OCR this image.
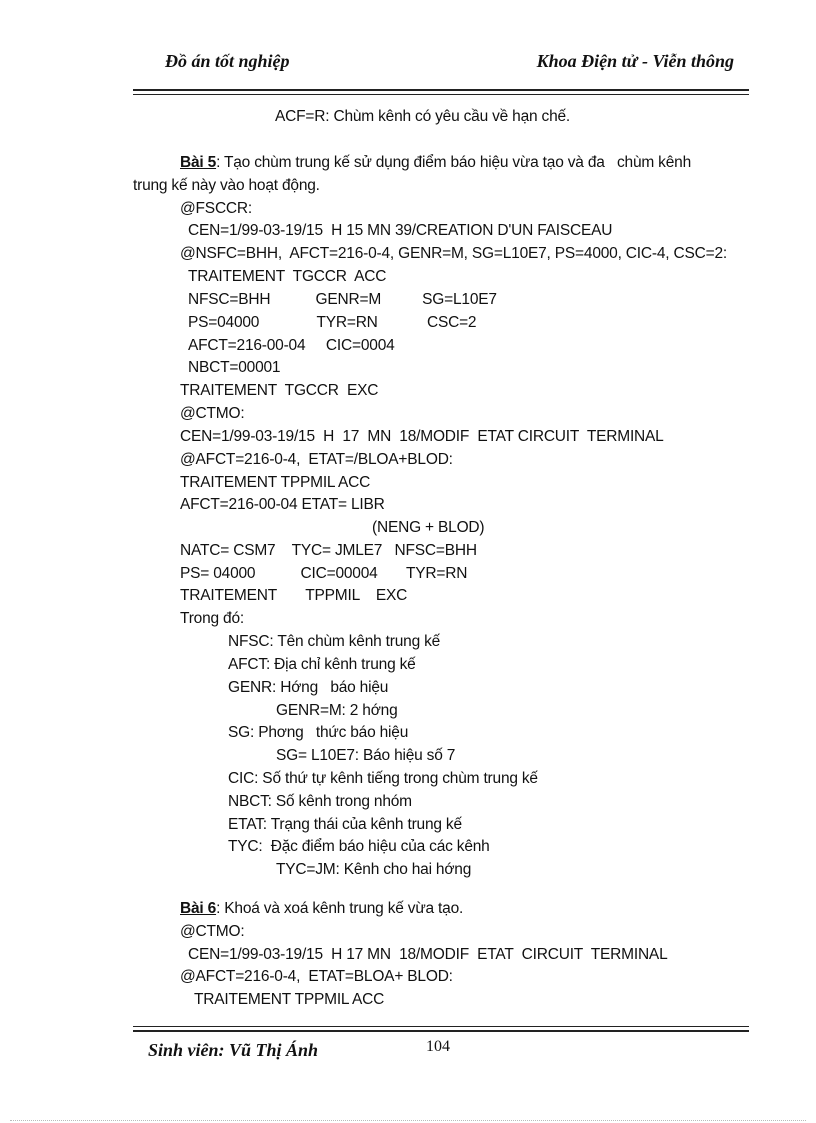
Đồ án tốt nghiệp	Khoa Điện tử - Viễn thông
ACF=R: Chùm kênh có yêu cầu về hạn chế.
Bài 5: Tạo chùm trung kế sử dụng điểm báo hiệu vừa tạo và đa   chùm kênh
trung kế này vào hoạt động.
@FSCCR:
CEN=1/99-03-19/15  H 15 MN 39/CREATION D'UN FAISCEAU
@NSFC=BHH,  AFCT=216-0-4, GENR=M, SG=L10E7, PS=4000, CIC-4, CSC=2:
TRAITEMENT  TGCCR  ACC
NFSC=BHH           GENR=M          SG=L10E7
PS=04000              TYR=RN            CSC=2
AFCT=216-00-04     CIC=0004
NBCT=00001
TRAITEMENT  TGCCR  EXC
@CTMO:
CEN=1/99-03-19/15  H  17  MN  18/MODIF  ETAT CIRCUIT  TERMINAL
@AFCT=216-0-4,  ETAT=/BLOA+BLOD:
TRAITEMENT TPPMIL ACC
AFCT=216-00-04 ETAT= LIBR
(NENG + BLOD)
NATC= CSM7    TYC= JMLE7   NFSC=BHH
PS= 04000           CIC=00004       TYR=RN
TRAITEMENT       TPPMIL    EXC
Trong đó:
NFSC: Tên chùm kênh trung kế
AFCT: Địa chỉ kênh trung kế
GENR: Hớng   báo hiệu
GENR=M: 2 hớng
SG: Phơng   thức báo hiệu
SG= L10E7: Báo hiệu số 7
CIC: Số thứ tự kênh tiếng trong chùm trung kế
NBCT: Số kênh trong nhóm
ETAT: Trạng thái của kênh trung kế
TYC:  Đặc điểm báo hiệu của các kênh
TYC=JM: Kênh cho hai hớng
Bài 6: Khoá và xoá kênh trung kế vừa tạo.
@CTMO:
CEN=1/99-03-19/15  H 17 MN  18/MODIF  ETAT  CIRCUIT  TERMINAL
@AFCT=216-0-4,  ETAT=BLOA+ BLOD:
TRAITEMENT TPPMIL ACC
Sinh viên: Vũ Thị Ánh	104
